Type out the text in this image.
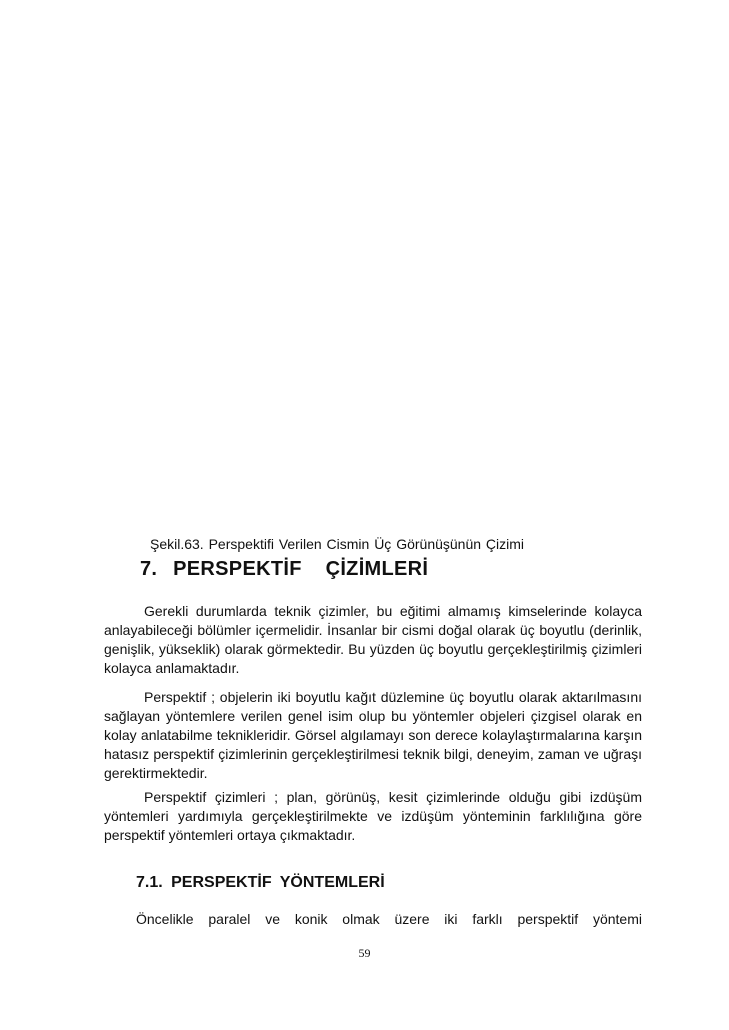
Şekil.63. Perspektifi Verilen Cismin Üç Görünüşünün Çizimi
7. PERSPEKTİF ÇİZİMLERİ

Gerekli durumlarda teknik çizimler, bu eğitimi almamış kimselerinde kolayca anlayabileceği bölümler içermelidir. İnsanlar bir cismi doğal olarak üç boyutlu (derinlik, genişlik, yükseklik) olarak görmektedir. Bu yüzden üç boyutlu gerçekleştirilmiş çizimleri kolayca anlamaktadır.

Perspektif ; objelerin iki boyutlu kağıt düzlemine üç boyutlu olarak aktarılmasını sağlayan yöntemlere verilen genel isim olup bu yöntemler objeleri çizgisel olarak en kolay anlatabilme teknikleridir. Görsel algılamayı son derece kolaylaştırmalarına karşın hatasız perspektif çizimlerinin gerçekleştirilmesi teknik bilgi, deneyim, zaman ve uğraşı gerektirmektedir.

Perspektif çizimleri ; plan, görünüş, kesit çizimlerinde olduğu gibi izdüşüm yöntemleri yardımıyla gerçekleştirilmekte ve izdüşüm yönteminin farklılığına göre perspektif yöntemleri ortaya çıkmaktadır.

7.1. PERSPEKTİF YÖNTEMLERİ

Öncelikle paralel ve konik olmak üzere iki farklı perspektif yöntemi

59
